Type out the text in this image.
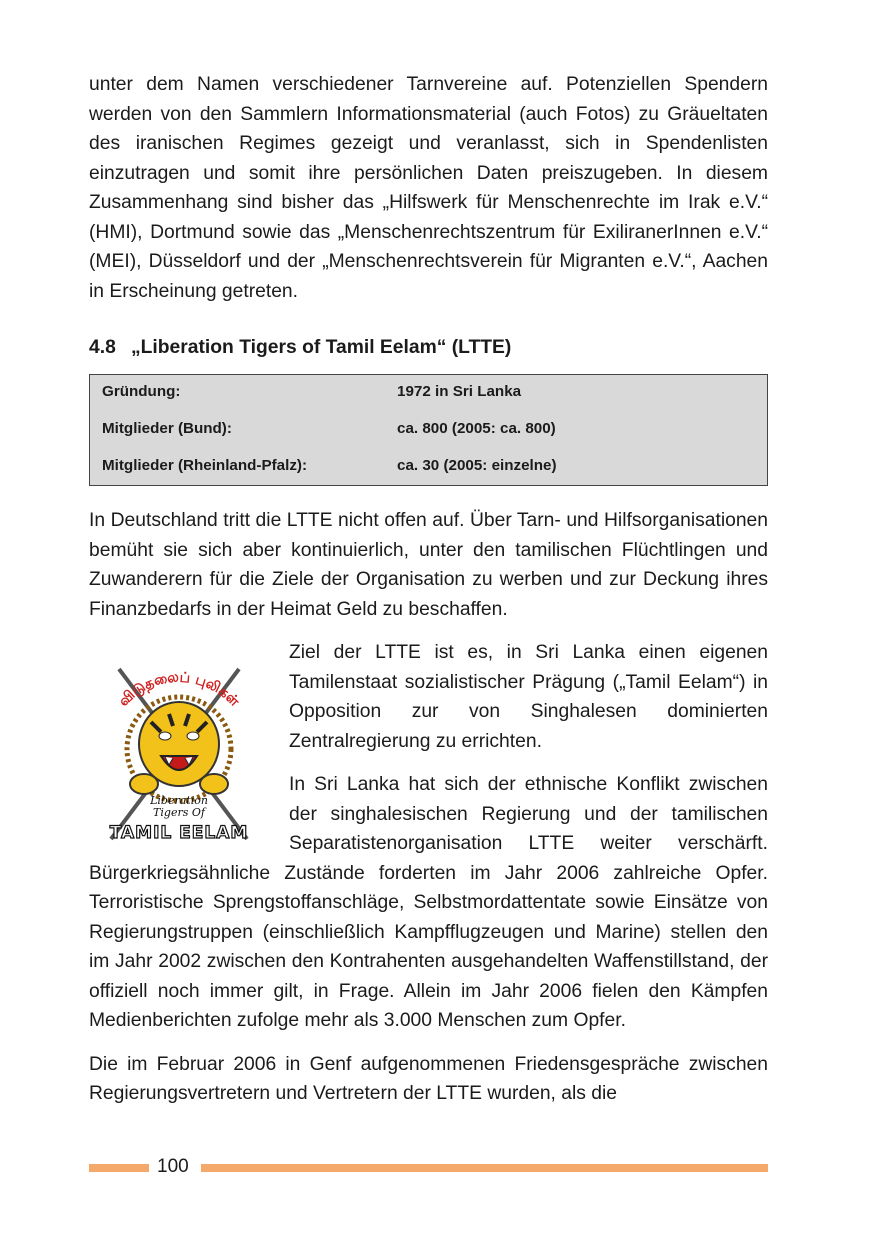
unter dem Namen verschiedener Tarnvereine auf. Potenziellen Spendern werden von den Sammlern Informationsmaterial (auch Fotos) zu Gräueltaten des iranischen Regimes gezeigt und veranlasst, sich in Spendenlisten einzutragen und somit ihre persönlichen Daten preiszugeben. In diesem Zusammenhang sind bisher das „Hilfswerk für Menschenrechte im Irak e.V.“ (HMI), Dortmund sowie das „Menschenrechtszentrum für ExiliranerInnen e.V.“ (MEI), Düsseldorf und der „Menschenrechtsverein für Migranten e.V.“, Aachen in Erscheinung getreten.

4.8 „Liberation Tigers of Tamil Eelam“ (LTTE)
Gründung:	1972 in Sri Lanka
Mitglieder (Bund):	ca. 800 (2005: ca. 800)
Mitglieder (Rheinland-Pfalz):	ca. 30 (2005: einzelne)

In Deutschland tritt die LTTE nicht offen auf. Über Tarn- und Hilfsorganisationen bemüht sie sich aber kontinuierlich, unter den tamilischen Flüchtlingen und Zuwanderern für die Ziele der Organisation zu werben und zur Deckung ihres Finanzbedarfs in der Heimat Geld zu beschaffen.

விடுதலைப் புலிகள்
Liberation
Tigers Of
TAMIL EELAM

Ziel der LTTE ist es, in Sri Lanka einen eigenen Tamilenstaat sozialistischer Prägung („Tamil Eelam“) in Opposition zur von Singhalesen dominierten Zentralregierung zu errichten.

In Sri Lanka hat sich der ethnische Konflikt zwischen der singhalesischen Regierung und der tamilischen Separatistenorganisation LTTE weiter verschärft. Bürgerkriegsähnliche Zustände forderten im Jahr 2006 zahlreiche Opfer. Terroristische Sprengstoffanschläge, Selbstmordattentate sowie Einsätze von Regierungstruppen (einschließlich Kampfflugzeugen und Marine) stellen den im Jahr 2002 zwischen den Kontrahenten ausgehandelten Waffenstillstand, der offiziell noch immer gilt, in Frage. Allein im Jahr 2006 fielen den Kämpfen Medienberichten zufolge mehr als 3.000 Menschen zum Opfer.

Die im Februar 2006 in Genf aufgenommenen Friedensgespräche zwischen Regierungsvertretern und Vertretern der LTTE wurden, als die

100
